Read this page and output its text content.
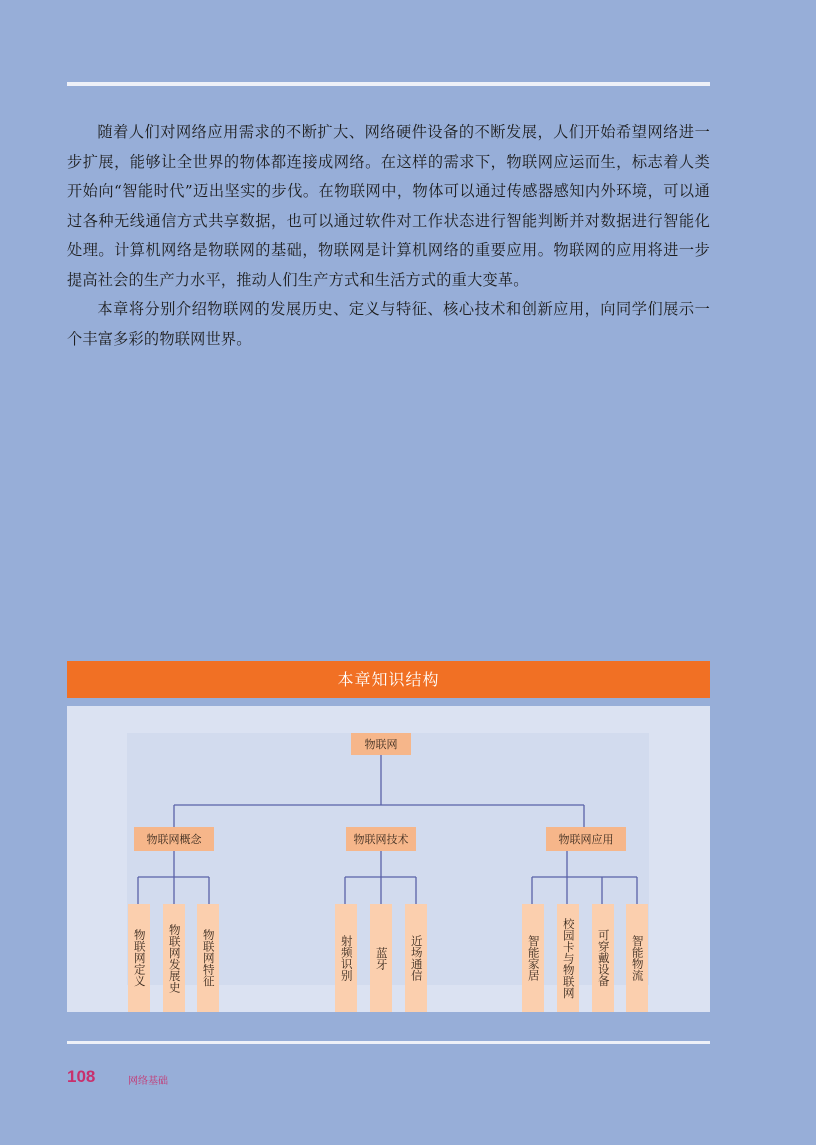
随着人们对网络应用需求的不断扩大、网络硬件设备的不断发展，人们开始希望网络进一步扩展，能够让全世界的物体都连接成网络。在这样的需求下，物联网应运而生，标志着人类开始向“智能时代”迈出坚实的步伐。在物联网中，物体可以通过传感器感知内外环境，可以通过各种无线通信方式共享数据，也可以通过软件对工作状态进行智能判断并对数据进行智能化处理。计算机网络是物联网的基础，物联网是计算机网络的重要应用。物联网的应用将进一步提高社会的生产力水平，推动人们生产方式和生活方式的重大变革。

本章将分别介绍物联网的发展历史、定义与特征、核心技术和创新应用，向同学们展示一个丰富多彩的物联网世界。

本章知识结构
物联网
物联网概念	物联网技术	物联网应用
物联网定义	物联网发展史	物联网特征	射频识别	蓝牙	近场通信	智能家居	校园卡与物联网	可穿戴设备	智能物流
108	网络基础
